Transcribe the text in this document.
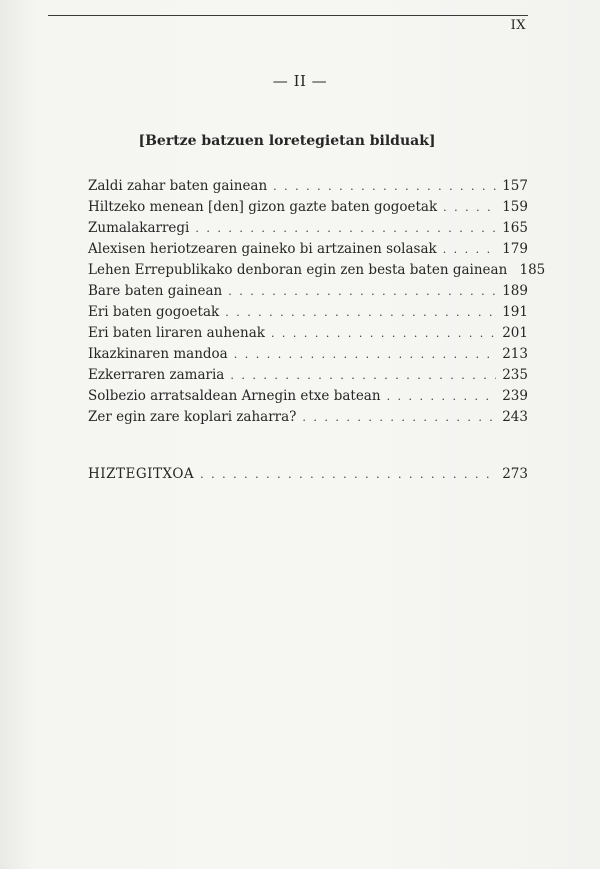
IX
— II —
[Bertze batzuen loretegietan bilduak]
Zaldi zahar baten gainean . . .	157
Hiltzeko menean [den] gizon gazte baten gogoetak . . .	159
Zumalakarregi . . .	165
Alexisen heriotzearen gaineko bi artzainen solasak . . .	179
Lehen Errepublikako denboran egin zen besta baten gainean 185
Bare baten gainean . . .	189
Eri baten gogoetak . . .	191
Eri baten liraren auhenak . . .	201
Ikazkinaren mandoa . . .	213
Ezkerraren zamaria . . .	235
Solbezio arratsaldean Arnegin etxe batean . . .	239
Zer egin zare koplari zaharra? . . .	243
HIZTEGITXOA . . .	273
